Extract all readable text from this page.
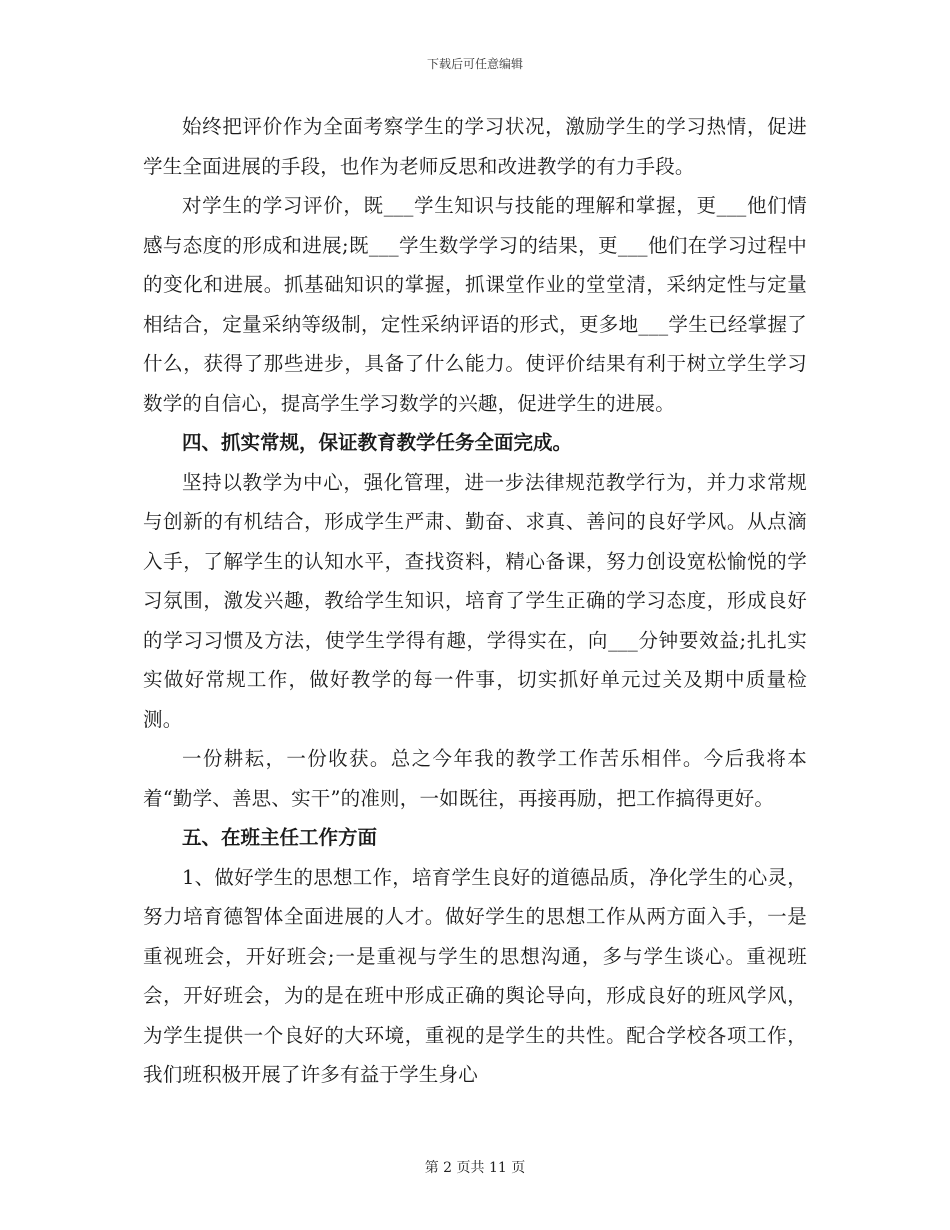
下载后可任意编辑

始终把评价作为全面考察学生的学习状况，激励学生的学习热情，促进学生全面进展的手段，也作为老师反思和改进教学的有力手段。

对学生的学习评价，既___学生知识与技能的理解和掌握，更___他们情感与态度的形成和进展;既___学生数学学习的结果，更___他们在学习过程中的变化和进展。抓基础知识的掌握，抓课堂作业的堂堂清，采纳定性与定量相结合，定量采纳等级制，定性采纳评语的形式，更多地___学生已经掌握了什么，获得了那些进步，具备了什么能力。使评价结果有利于树立学生学习数学的自信心，提高学生学习数学的兴趣，促进学生的进展。

四、抓实常规，保证教育教学任务全面完成。

坚持以教学为中心，强化管理，进一步法律规范教学行为，并力求常规与创新的有机结合，形成学生严肃、勤奋、求真、善问的良好学风。从点滴入手，了解学生的认知水平，查找资料，精心备课，努力创设宽松愉悦的学习氛围，激发兴趣，教给学生知识，培育了学生正确的学习态度，形成良好的学习习惯及方法，使学生学得有趣，学得实在，向___分钟要效益;扎扎实实做好常规工作，做好教学的每一件事，切实抓好单元过关及期中质量检测。

一份耕耘，一份收获。总之今年我的教学工作苦乐相伴。今后我将本着“勤学、善思、实干”的准则，一如既往，再接再励，把工作搞得更好。

五、在班主任工作方面

1、做好学生的思想工作，培育学生良好的道德品质，净化学生的心灵，努力培育德智体全面进展的人才。做好学生的思想工作从两方面入手，一是重视班会，开好班会;一是重视与学生的思想沟通，多与学生谈心。重视班会，开好班会，为的是在班中形成正确的舆论导向，形成良好的班风学风，为学生提供一个良好的大环境，重视的是学生的共性。配合学校各项工作，我们班积极开展了许多有益于学生身心

第 2 页共 11 页
